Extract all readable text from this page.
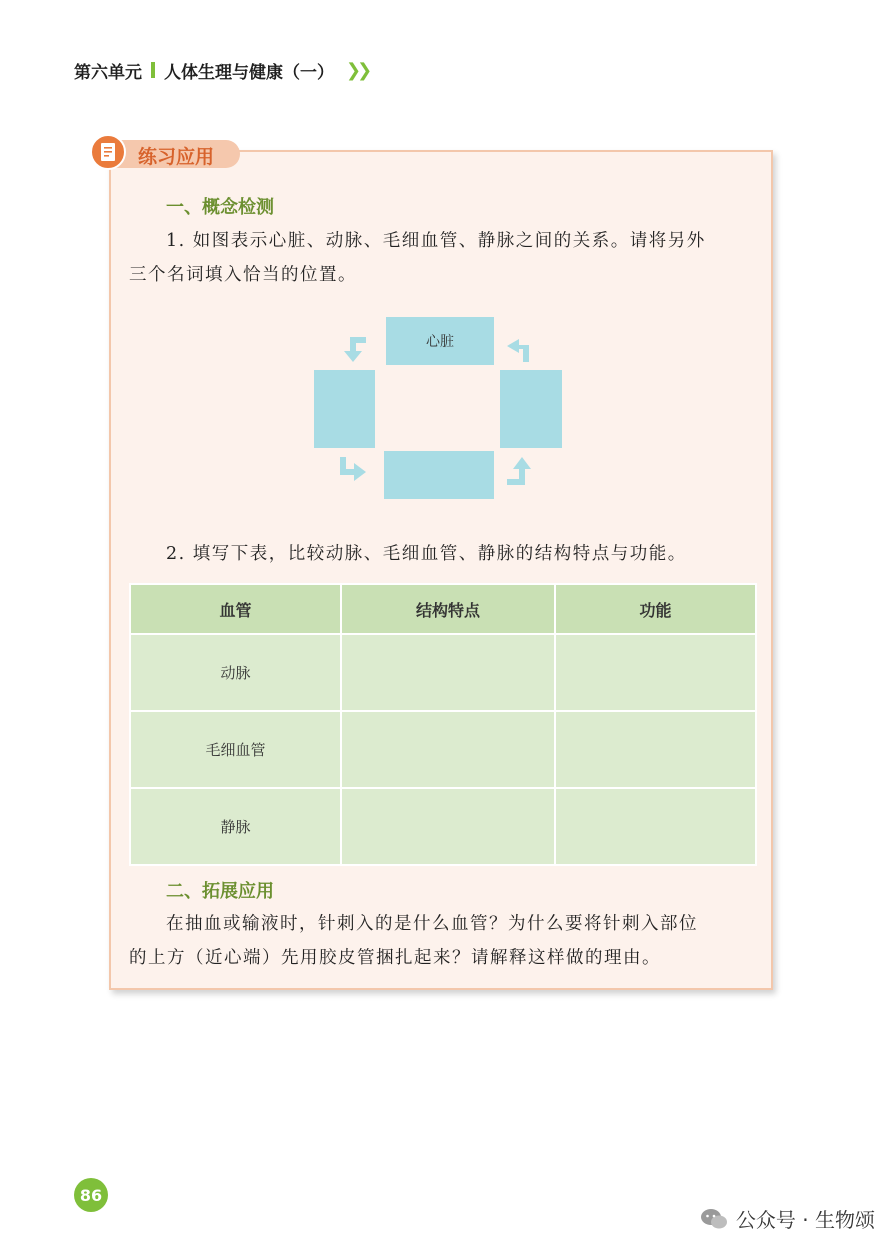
第六单元 人体生理与健康（一） ❯❯
练习应用
一、概念检测
1. 如图表示心脏、动脉、毛细血管、静脉之间的关系。请将另外
三个名词填入恰当的位置。
心脏
2. 填写下表，比较动脉、毛细血管、静脉的结构特点与功能。
血管	结构特点	功能
动脉		
毛细血管		
静脉		
二、拓展应用
在抽血或输液时，针刺入的是什么血管？为什么要将针刺入部位
的上方（近心端）先用胶皮管捆扎起来？请解释这样做的理由。
86
公众号 · 生物颂
